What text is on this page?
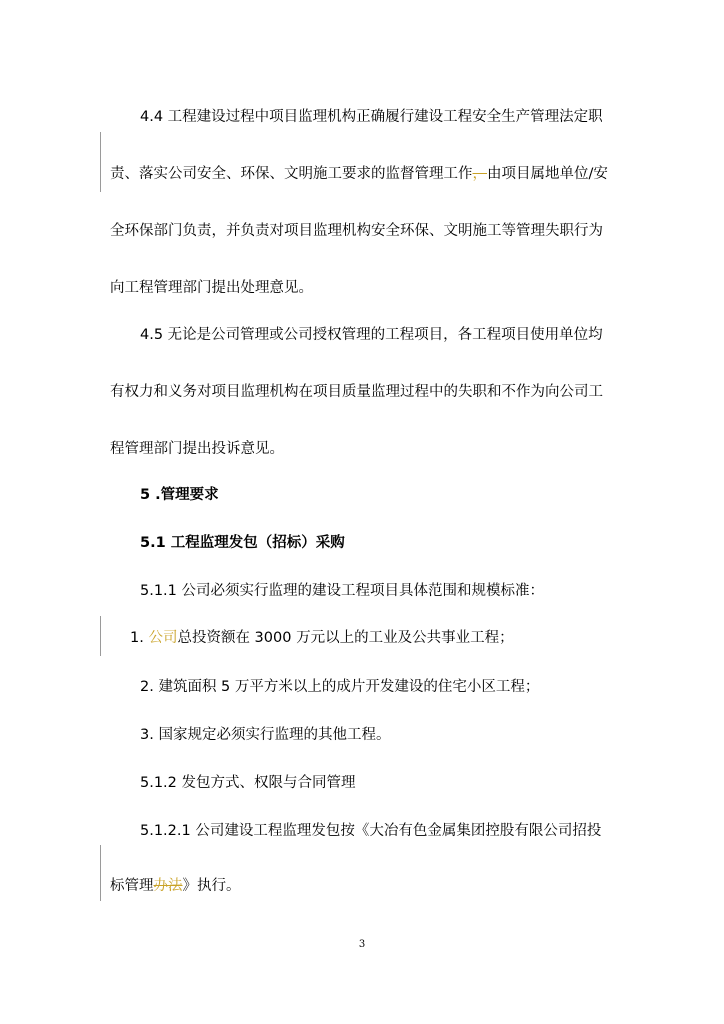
4.4 工程建设过程中项目监理机构正确履行建设工程安全生产管理法定职
责、落实公司安全、环保、文明施工要求的监督管理工作，由项目属地单位/安
全环保部门负责，并负责对项目监理机构安全环保、文明施工等管理失职行为
向工程管理部门提出处理意见。
4.5 无论是公司管理或公司授权管理的工程项目，各工程项目使用单位均
有权力和义务对项目监理机构在项目质量监理过程中的失职和不作为向公司工
程管理部门提出投诉意见。
5 .管理要求
5.1 工程监理发包（招标）采购
5.1.1 公司必须实行监理的建设工程项目具体范围和规模标准：
1. 公司总投资额在 3000 万元以上的工业及公共事业工程；
2. 建筑面积 5 万平方米以上的成片开发建设的住宅小区工程；
3. 国家规定必须实行监理的其他工程。
5.1.2 发包方式、权限与合同管理
5.1.2.1 公司建设工程监理发包按《大冶有色金属集团控股有限公司招投
标管理办法》执行。
3
